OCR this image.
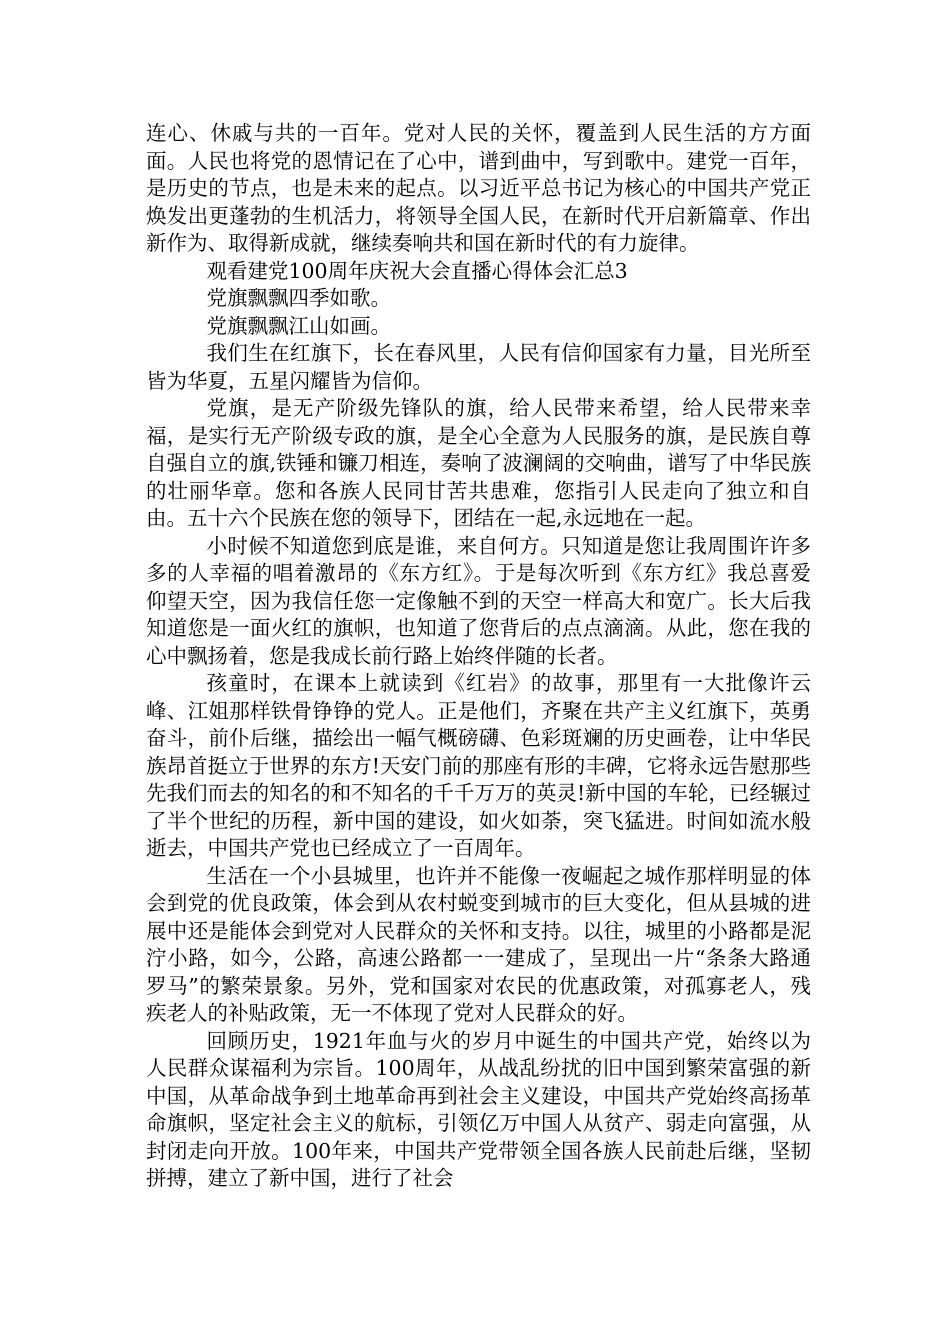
连心、休戚与共的一百年。党对人民的关怀，覆盖到人民生活的方方面面。人民也将党的恩情记在了心中，谱到曲中，写到歌中。建党一百年，是历史的节点，也是未来的起点。以习近平总书记为核心的中国共产党正焕发出更蓬勃的生机活力，将领导全国人民，在新时代开启新篇章、作出新作为、取得新成就，继续奏响共和国在新时代的有力旋律。

观看建党100周年庆祝大会直播心得体会汇总3

党旗飘飘四季如歌。

党旗飘飘江山如画。

我们生在红旗下，长在春风里，人民有信仰国家有力量，目光所至皆为华夏，五星闪耀皆为信仰。

党旗，是无产阶级先锋队的旗，给人民带来希望，给人民带来幸福，是实行无产阶级专政的旗，是全心全意为人民服务的旗，是民族自尊自强自立的旗,铁锤和镰刀相连，奏响了波澜阔的交响曲，谱写了中华民族的壮丽华章。您和各族人民同甘苦共患难，您指引人民走向了独立和自由。五十六个民族在您的领导下，团结在一起,永远地在一起。

小时候不知道您到底是谁，来自何方。只知道是您让我周围许许多多的人幸福的唱着激昂的《东方红》。于是每次听到《东方红》我总喜爱仰望天空，因为我信任您一定像触不到的天空一样高大和宽广。长大后我知道您是一面火红的旗帜，也知道了您背后的点点滴滴。从此，您在我的心中飘扬着，您是我成长前行路上始终伴随的长者。

孩童时，在课本上就读到《红岩》的故事，那里有一大批像许云峰、江姐那样铁骨铮铮的党人。正是他们，齐聚在共产主义红旗下，英勇奋斗，前仆后继，描绘出一幅气概磅礴、色彩斑斓的历史画卷，让中华民族昂首挺立于世界的东方!天安门前的那座有形的丰碑，它将永远告慰那些先我们而去的知名的和不知名的千千万万的英灵!新中国的车轮，已经辗过了半个世纪的历程，新中国的建设，如火如荼，突飞猛进。时间如流水般逝去，中国共产党也已经成立了一百周年。

生活在一个小县城里，也许并不能像一夜崛起之城作那样明显的体会到党的优良政策，体会到从农村蜕变到城市的巨大变化，但从县城的进展中还是能体会到党对人民群众的关怀和支持。以往，城里的小路都是泥泞小路，如今，公路，高速公路都一一建成了，呈现出一片“条条大路通罗马”的繁荣景象。另外，党和国家对农民的优惠政策，对孤寡老人，残疾老人的补贴政策，无一不体现了党对人民群众的好。

回顾历史，1921年血与火的岁月中诞生的中国共产党，始终以为人民群众谋福利为宗旨。100周年，从战乱纷扰的旧中国到繁荣富强的新中国，从革命战争到土地革命再到社会主义建设，中国共产党始终高扬革命旗帜，坚定社会主义的航标，引领亿万中国人从贫产、弱走向富强，从封闭走向开放。100年来，中国共产党带领全国各族人民前赴后继，坚韧拼搏，建立了新中国，进行了社会
